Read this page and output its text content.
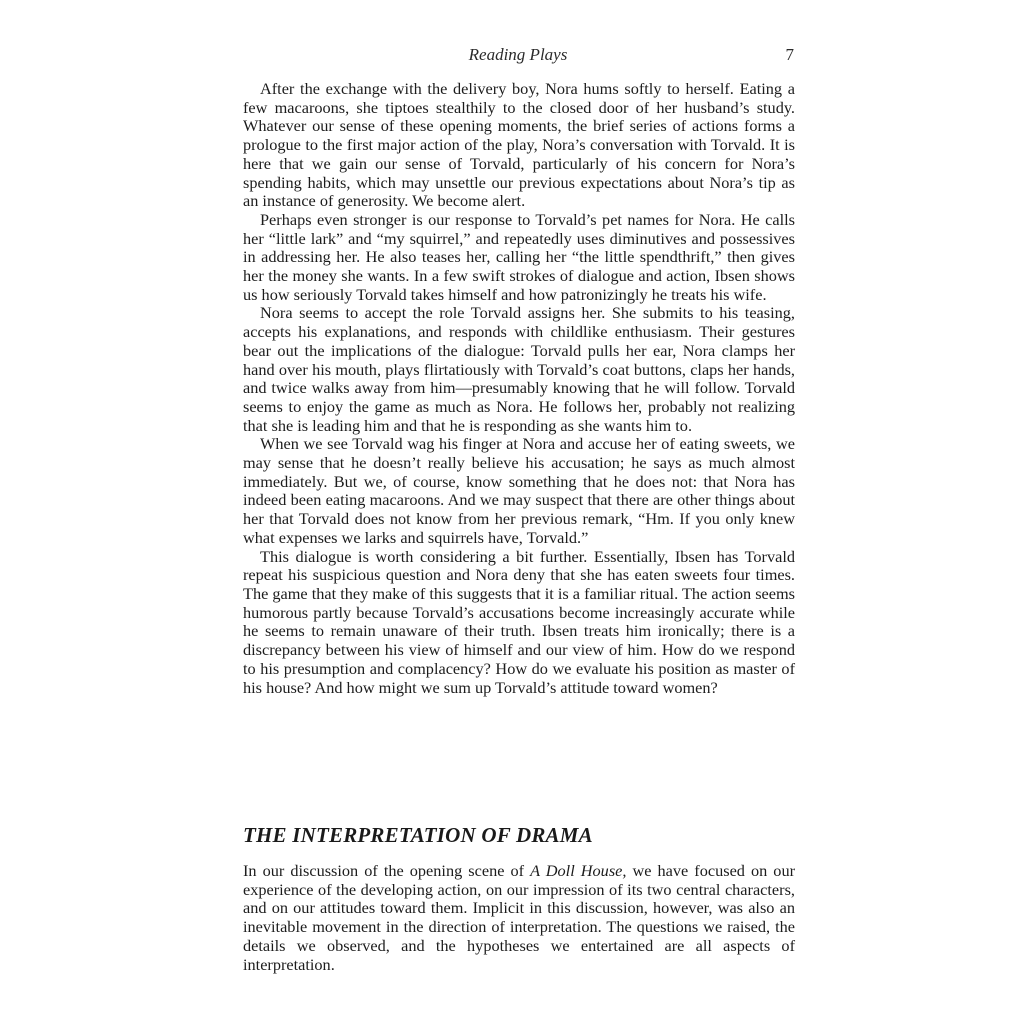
Reading Plays	7

After the exchange with the delivery boy, Nora hums softly to herself. Eating a few macaroons, she tiptoes stealthily to the closed door of her husband’s study. Whatever our sense of these opening moments, the brief series of actions forms a prologue to the first major action of the play, Nora’s conversation with Torvald. It is here that we gain our sense of Torvald, particularly of his concern for Nora’s spending habits, which may unsettle our previous expectations about Nora’s tip as an instance of generosity. We become alert.

Perhaps even stronger is our response to Torvald’s pet names for Nora. He calls her “little lark” and “my squirrel,” and repeatedly uses diminutives and possessives in addressing her. He also teases her, calling her “the little spendthrift,” then gives her the money she wants. In a few swift strokes of dialogue and action, Ibsen shows us how seriously Torvald takes himself and how patronizingly he treats his wife.

Nora seems to accept the role Torvald assigns her. She submits to his teasing, accepts his explanations, and responds with childlike enthusiasm. Their gestures bear out the implications of the dialogue: Torvald pulls her ear, Nora clamps her hand over his mouth, plays flirtatiously with Torvald’s coat buttons, claps her hands, and twice walks away from him—presumably knowing that he will follow. Torvald seems to enjoy the game as much as Nora. He follows her, probably not realizing that she is leading him and that he is responding as she wants him to.

When we see Torvald wag his finger at Nora and accuse her of eating sweets, we may sense that he doesn’t really believe his accusation; he says as much almost immediately. But we, of course, know something that he does not: that Nora has indeed been eating macaroons. And we may suspect that there are other things about her that Torvald does not know from her previous remark, “Hm. If you only knew what expenses we larks and squirrels have, Torvald.”

This dialogue is worth considering a bit further. Essentially, Ibsen has Torvald repeat his suspicious question and Nora deny that she has eaten sweets four times. The game that they make of this suggests that it is a familiar ritual. The action seems humorous partly because Torvald’s accusations become increasingly accurate while he seems to remain unaware of their truth. Ibsen treats him ironically; there is a discrepancy between his view of himself and our view of him. How do we respond to his presumption and complacency? How do we evaluate his position as master of his house? And how might we sum up Torvald’s attitude toward women?

THE INTERPRETATION OF DRAMA

In our discussion of the opening scene of A Doll House, we have focused on our experience of the developing action, on our impression of its two central characters, and on our attitudes toward them. Implicit in this discussion, however, was also an inevitable movement in the direction of interpretation. The questions we raised, the details we observed, and the hypotheses we entertained are all aspects of interpretation.
